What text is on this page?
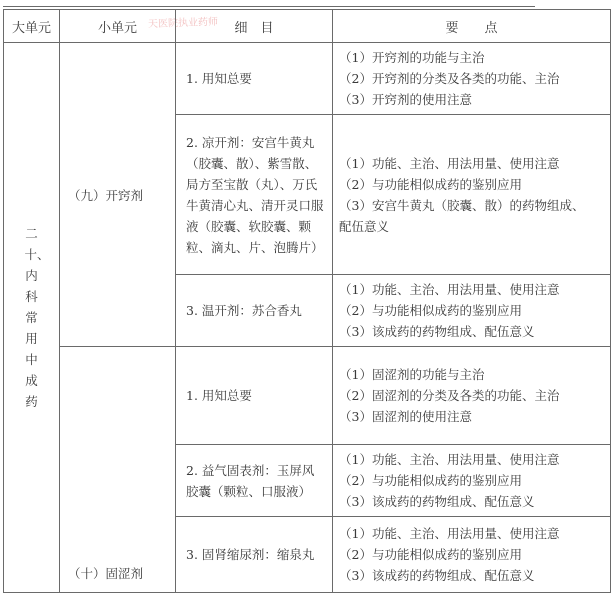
天医院执业药师
大单元	小单元	细　目	要　　点
二十、内科常用中成药	（九）开窍剂	1. 用知总要	（1）开窍剂的功能与主治
（2）开窍剂的分类及各类的功能、主治
（3）开窍剂的使用注意

		2. 凉开剂：安宫牛黄丸（胶囊、散）、紫雪散、局方至宝散（丸）、万氏牛黄清心丸、清开灵口服液（胶囊、软胶囊、颗粒、滴丸、片、泡腾片）	（1）功能、主治、用法用量、使用注意
（2）与功能相似成药的鉴别应用
（3）安宫牛黄丸（胶囊、散）的药物组成、
配伍意义

		3. 温开剂：苏合香丸	（1）功能、主治、用法用量、使用注意
（2）与功能相似成药的鉴别应用
（3）该成药的药物组成、配伍意义

	（十）固涩剂	1. 用知总要	（1）固涩剂的功能与主治
（2）固涩剂的分类及各类的功能、主治
（3）固涩剂的使用注意

		2. 益气固表剂：玉屏风胶囊（颗粒、口服液）	（1）功能、主治、用法用量、使用注意
（2）与功能相似成药的鉴别应用
（3）该成药的药物组成、配伍意义

		3. 固肾缩尿剂：缩泉丸	（1）功能、主治、用法用量、使用注意
（2）与功能相似成药的鉴别应用
（3）该成药的药物组成、配伍意义
